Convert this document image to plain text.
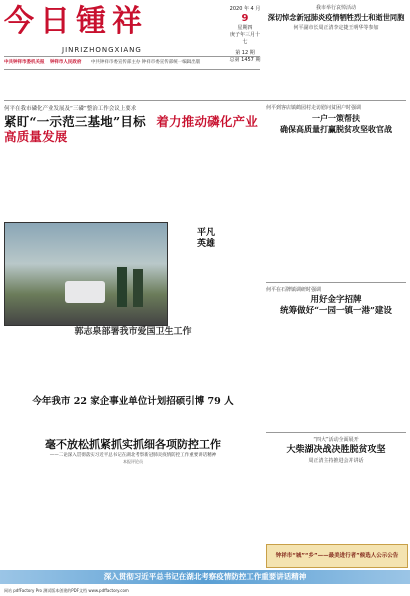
今日锺祥
JINRIZHONGXIANG
2020 年 4 月
9
星期四
庚子年三月十七
第 12 期
总第 1457 期
中共钟祥市委机关报 钟祥市人民政府 中共钟祥市委宣传部主办 钟祥市委宣传部统一编辑出版
我市举行哀悼活动
深切悼念新冠肺炎疫情牺牲烈士和逝世同胞
何平副市长周正清李定捷王明华等参加
何平在我市磷化产业发展及“三磷”整治工作会议上要求
紧盯“一示范三基地”目标 着力推动磷化产业高质量发展
平凡
英雄
何平到客店镇鹤园村走访慰问贫困户时强调
一户一策帮扶
确保高质量打赢脱贫攻坚收官战
何平在石牌镇调研时强调
用好金字招牌
统筹做好“一园一镇一港”建设
郭志泉部署我市爱国卫生工作
今年我市 22 家企事业单位计划招硕引博 79 人
毫不放松抓紧抓实抓细各项防控工作
——二论深入贯彻落实习近平总书记在湖北考察新冠肺炎疫情防控工作重要讲话精神
本报评论员
“四大”活动全面展开
大柴湖决战决胜脱贫攻坚
周正清主持推进会并讲话
钟祥市“城”“乡”——最美进行者”候选人公示公告
深入贯彻习近平总书记在湖北考察疫情防控工作重要讲话精神
网站 pdfFactory Pro 测试版本创建的PDF文档 www.pdffactory.com
